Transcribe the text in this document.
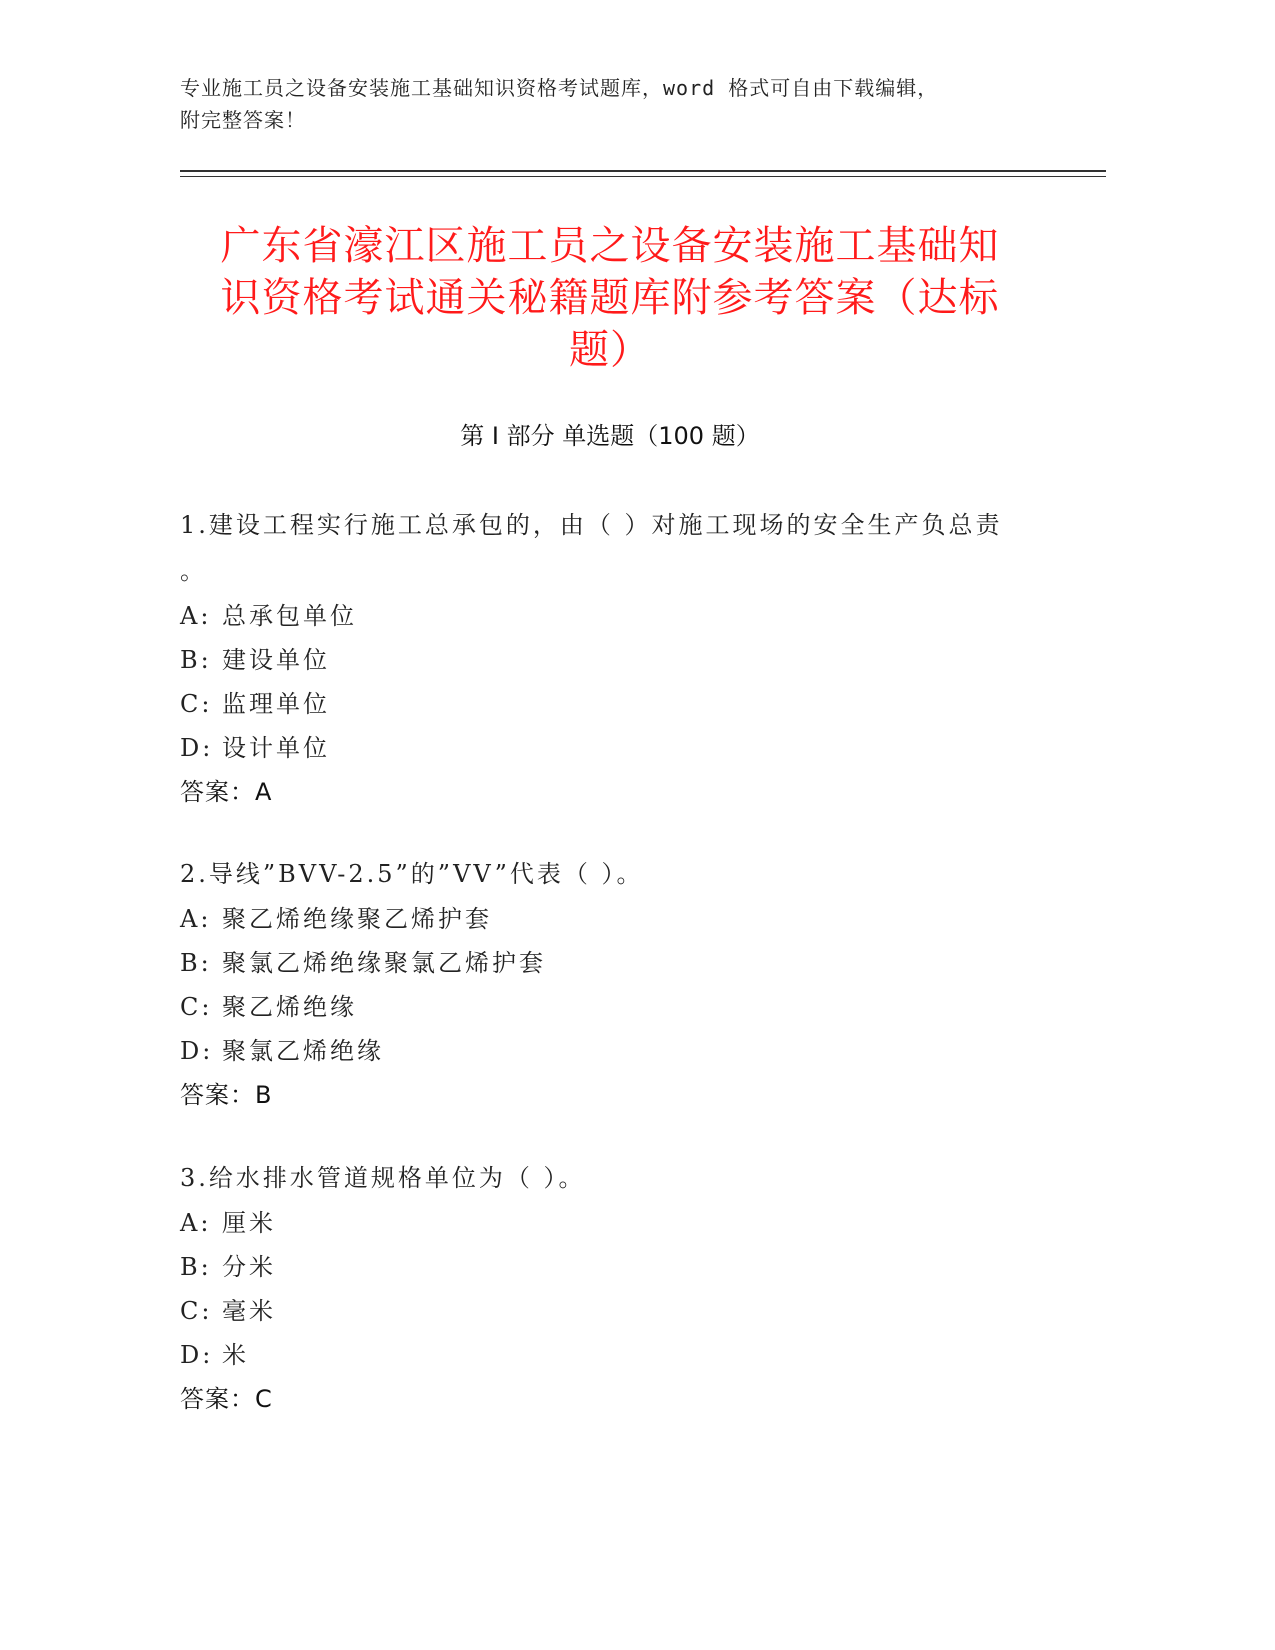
专业施工员之设备安装施工基础知识资格考试题库，word 格式可自由下载编辑，
附完整答案！
广东省濠江区施工员之设备安装施工基础知
识资格考试通关秘籍题库附参考答案（达标
题）
第 I 部分 单选题（100 题）
1.建设工程实行施工总承包的，由（ ）对施工现场的安全生产负总责
。
A: 总承包单位
B: 建设单位
C: 监理单位
D: 设计单位
答案：A
2.导线”BVV-2.5”的”VV”代表（ ）。
A: 聚乙烯绝缘聚乙烯护套
B: 聚氯乙烯绝缘聚氯乙烯护套
C: 聚乙烯绝缘
D: 聚氯乙烯绝缘
答案：B
3.给水排水管道规格单位为（ ）。
A: 厘米
B: 分米
C: 毫米
D: 米
答案：C
